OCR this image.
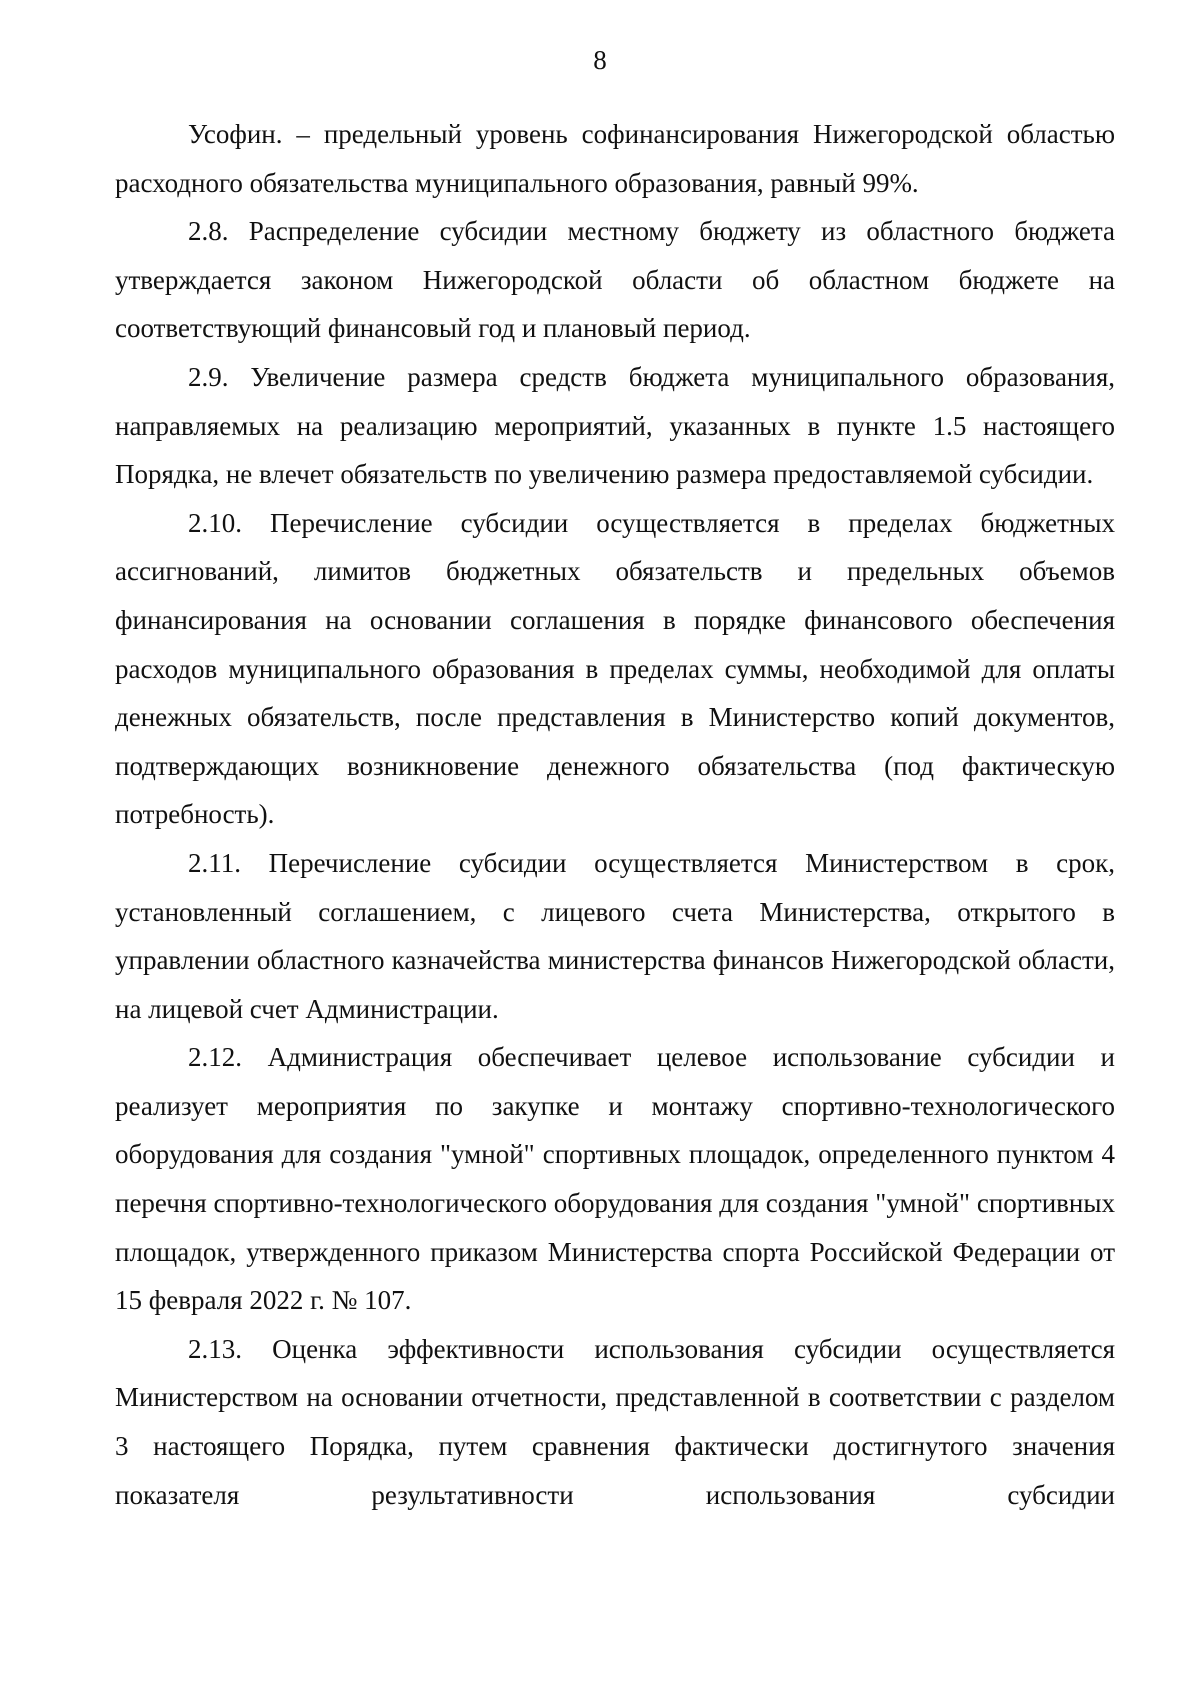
8

Усофин. – предельный уровень софинансирования Нижегородской областью расходного обязательства муниципального образования, равный 99%.

2.8. Распределение субсидии местному бюджету из областного бюджета утверждается законом Нижегородской области об областном бюджете на соответствующий финансовый год и плановый период.

2.9. Увеличение размера средств бюджета муниципального образования, направляемых на реализацию мероприятий, указанных в пункте 1.5 настоящего Порядка, не влечет обязательств по увеличению размера предоставляемой субсидии.

2.10. Перечисление субсидии осуществляется в пределах бюджетных ассигнований, лимитов бюджетных обязательств и предельных объемов финансирования на основании соглашения в порядке финансового обеспечения расходов муниципального образования в пределах суммы, необходимой для оплаты денежных обязательств, после представления в Министерство копий документов, подтверждающих возникновение денежного обязательства (под фактическую потребность).

2.11. Перечисление субсидии осуществляется Министерством в срок, установленный соглашением, с лицевого счета Министерства, открытого в управлении областного казначейства министерства финансов Нижегородской области, на лицевой счет Администрации.

2.12. Администрация обеспечивает целевое использование субсидии и реализует мероприятия по закупке и монтажу спортивно-технологического оборудования для создания "умной" спортивных площадок, определенного пунктом 4 перечня спортивно-технологического оборудования для создания "умной" спортивных площадок, утвержденного приказом Министерства спорта Российской Федерации от 15 февраля 2022 г. № 107.

2.13. Оценка эффективности использования субсидии осуществляется Министерством на основании отчетности, представленной в соответствии с разделом 3 настоящего Порядка, путем сравнения фактически достигнутого значения показателя результативности использования субсидии
